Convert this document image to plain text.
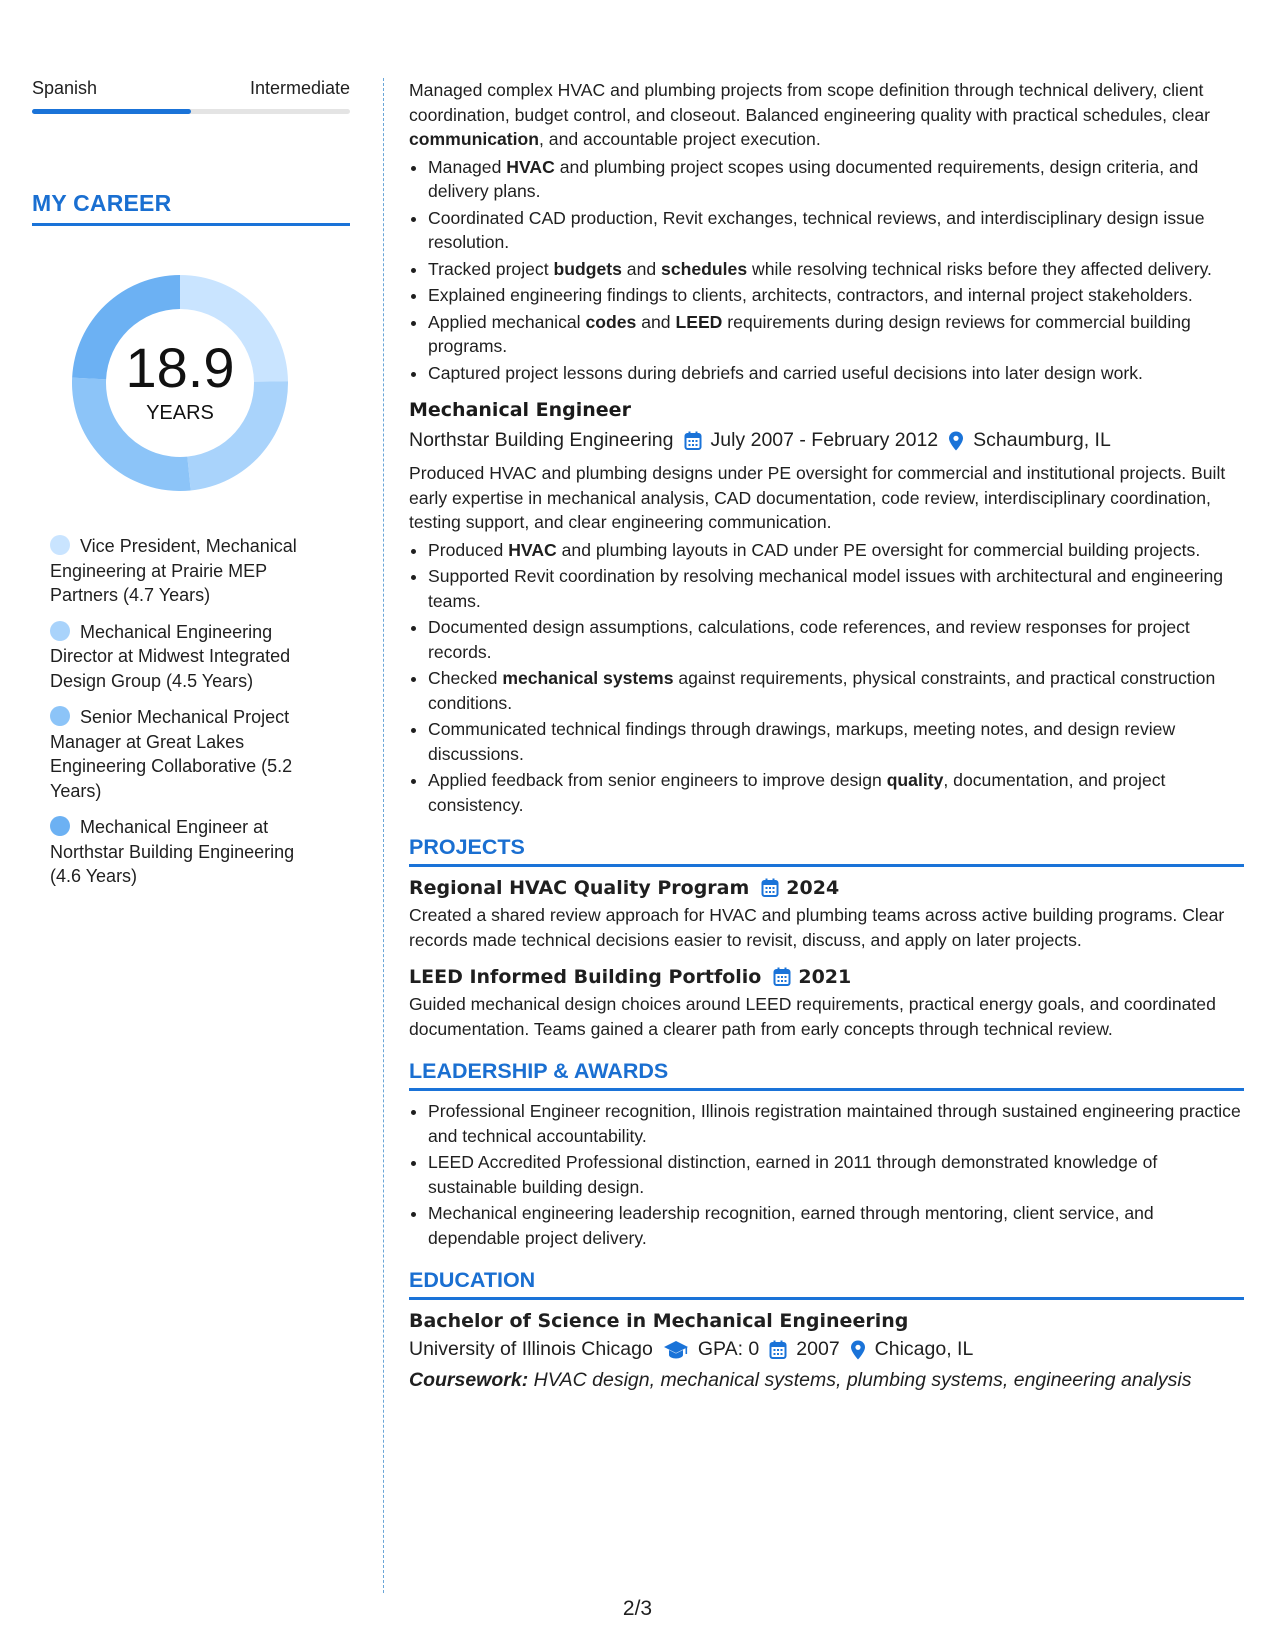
Spanish	Intermediate
MY CAREER
18.9
YEARS
Vice President, Mechanical Engineering at Prairie MEP Partners (4.7 Years)
Mechanical Engineering Director at Midwest Integrated Design Group (4.5 Years)
Senior Mechanical Project Manager at Great Lakes Engineering Collaborative (5.2 Years)
Mechanical Engineer at Northstar Building Engineering (4.6 Years)

Managed complex HVAC and plumbing projects from scope definition through technical delivery, client coordination, budget control, and closeout. Balanced engineering quality with practical schedules, clear communication, and accountable project execution.

• Managed HVAC and plumbing project scopes using documented requirements, design criteria, and delivery plans.
• Coordinated CAD production, Revit exchanges, technical reviews, and interdisciplinary design issue resolution.
• Tracked project budgets and schedules while resolving technical risks before they affected delivery.
• Explained engineering findings to clients, architects, contractors, and internal project stakeholders.
• Applied mechanical codes and LEED requirements during design reviews for commercial building programs.
• Captured project lessons during debriefs and carried useful decisions into later design work.
Mechanical Engineer
Northstar Building Engineering July 2007 - February 2012 Schaumburg, IL

Produced HVAC and plumbing designs under PE oversight for commercial and institutional projects. Built early expertise in mechanical analysis, CAD documentation, code review, interdisciplinary coordination, testing support, and clear engineering communication.

• Produced HVAC and plumbing layouts in CAD under PE oversight for commercial building projects.
• Supported Revit coordination by resolving mechanical model issues with architectural and engineering teams.
• Documented design assumptions, calculations, code references, and review responses for project records.
• Checked mechanical systems against requirements, physical constraints, and practical construction conditions.
• Communicated technical findings through drawings, markups, meeting notes, and design review discussions.
• Applied feedback from senior engineers to improve design quality, documentation, and project consistency.
PROJECTS
Regional HVAC Quality Program 2024

Created a shared review approach for HVAC and plumbing teams across active building programs. Clear records made technical decisions easier to revisit, discuss, and apply on later projects.

LEED Informed Building Portfolio 2021

Guided mechanical design choices around LEED requirements, practical energy goals, and coordinated documentation. Teams gained a clearer path from early concepts through technical review.

LEADERSHIP & AWARDS
• Professional Engineer recognition, Illinois registration maintained through sustained engineering practice and technical accountability.
• LEED Accredited Professional distinction, earned in 2011 through demonstrated knowledge of sustainable building design.
• Mechanical engineering leadership recognition, earned through mentoring, client service, and dependable project delivery.
EDUCATION
Bachelor of Science in Mechanical Engineering
University of Illinois Chicago GPA: 0 2007 Chicago, IL
Coursework: HVAC design, mechanical systems, plumbing systems, engineering analysis
2/3
